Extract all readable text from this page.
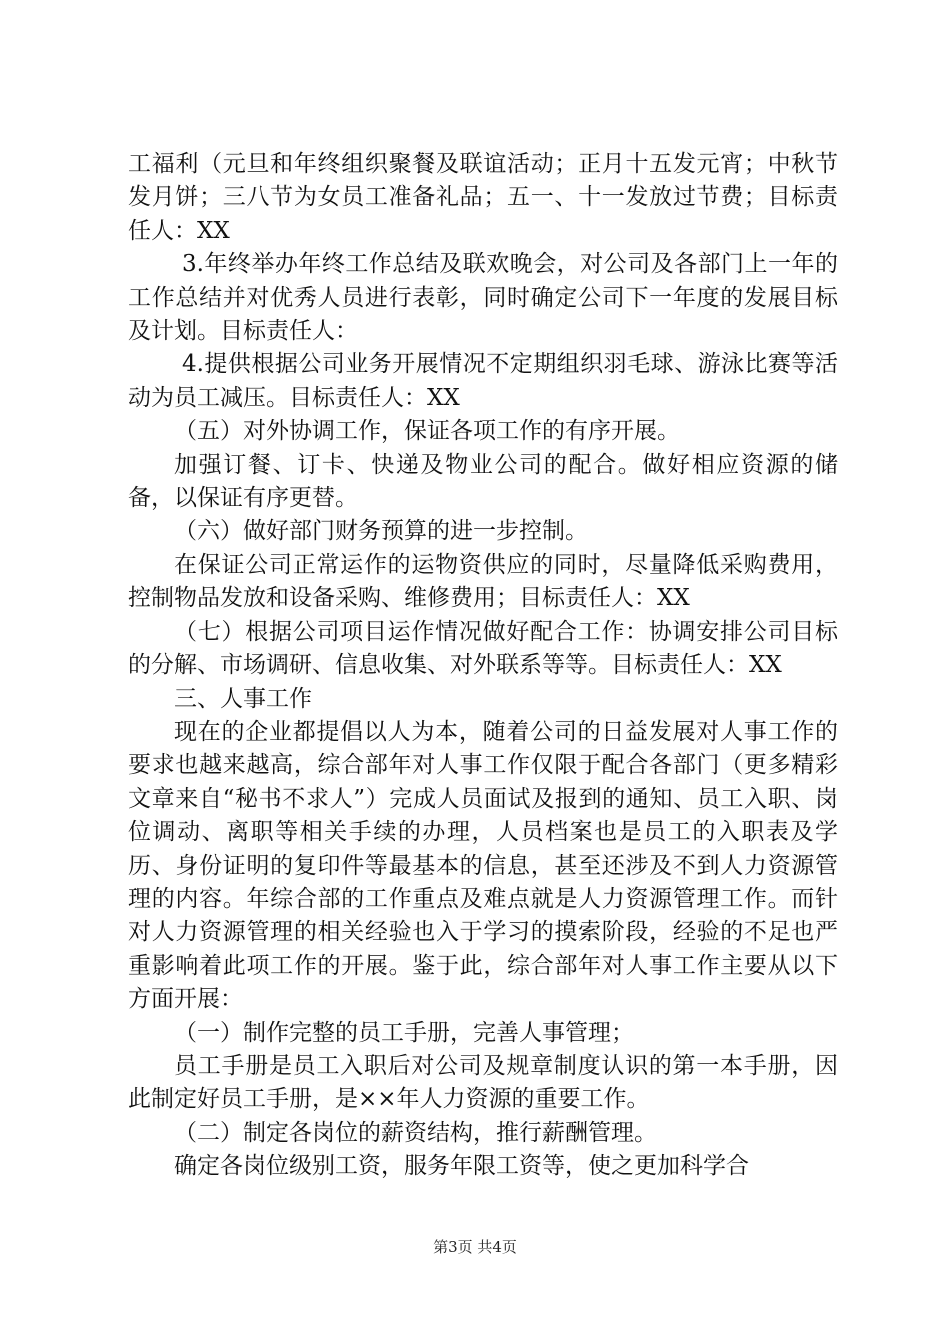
工福利（元旦和年终组织聚餐及联谊活动；正月十五发元宵；中秋节发月饼；三八节为女员工准备礼品；五一、十一发放过节费；目标责任人：XX

3.年终举办年终工作总结及联欢晚会，对公司及各部门上一年的工作总结并对优秀人员进行表彰，同时确定公司下一年度的发展目标及计划。目标责任人：

4.提供根据公司业务开展情况不定期组织羽毛球、游泳比赛等活动为员工减压。目标责任人：XX

（五）对外协调工作，保证各项工作的有序开展。

加强订餐、订卡、快递及物业公司的配合。做好相应资源的储备，以保证有序更替。

（六）做好部门财务预算的进一步控制。

在保证公司正常运作的运物资供应的同时，尽量降低采购费用，控制物品发放和设备采购、维修费用；目标责任人：XX

（七）根据公司项目运作情况做好配合工作：协调安排公司目标的分解、市场调研、信息收集、对外联系等等。目标责任人：XX

三、人事工作

现在的企业都提倡以人为本，随着公司的日益发展对人事工作的要求也越来越高，综合部年对人事工作仅限于配合各部门（更多精彩文章来自“秘书不求人”）完成人员面试及报到的通知、员工入职、岗位调动、离职等相关手续的办理，人员档案也是员工的入职表及学历、身份证明的复印件等最基本的信息，甚至还涉及不到人力资源管理的内容。年综合部的工作重点及难点就是人力资源管理工作。而针对人力资源管理的相关经验也入于学习的摸索阶段，经验的不足也严重影响着此项工作的开展。鉴于此，综合部年对人事工作主要从以下方面开展：

（一）制作完整的员工手册，完善人事管理；

员工手册是员工入职后对公司及规章制度认识的第一本手册，因此制定好员工手册，是××年人力资源的重要工作。

（二）制定各岗位的薪资结构，推行薪酬管理。

确定各岗位级别工资，服务年限工资等，使之更加科学合

第3页 共4页
